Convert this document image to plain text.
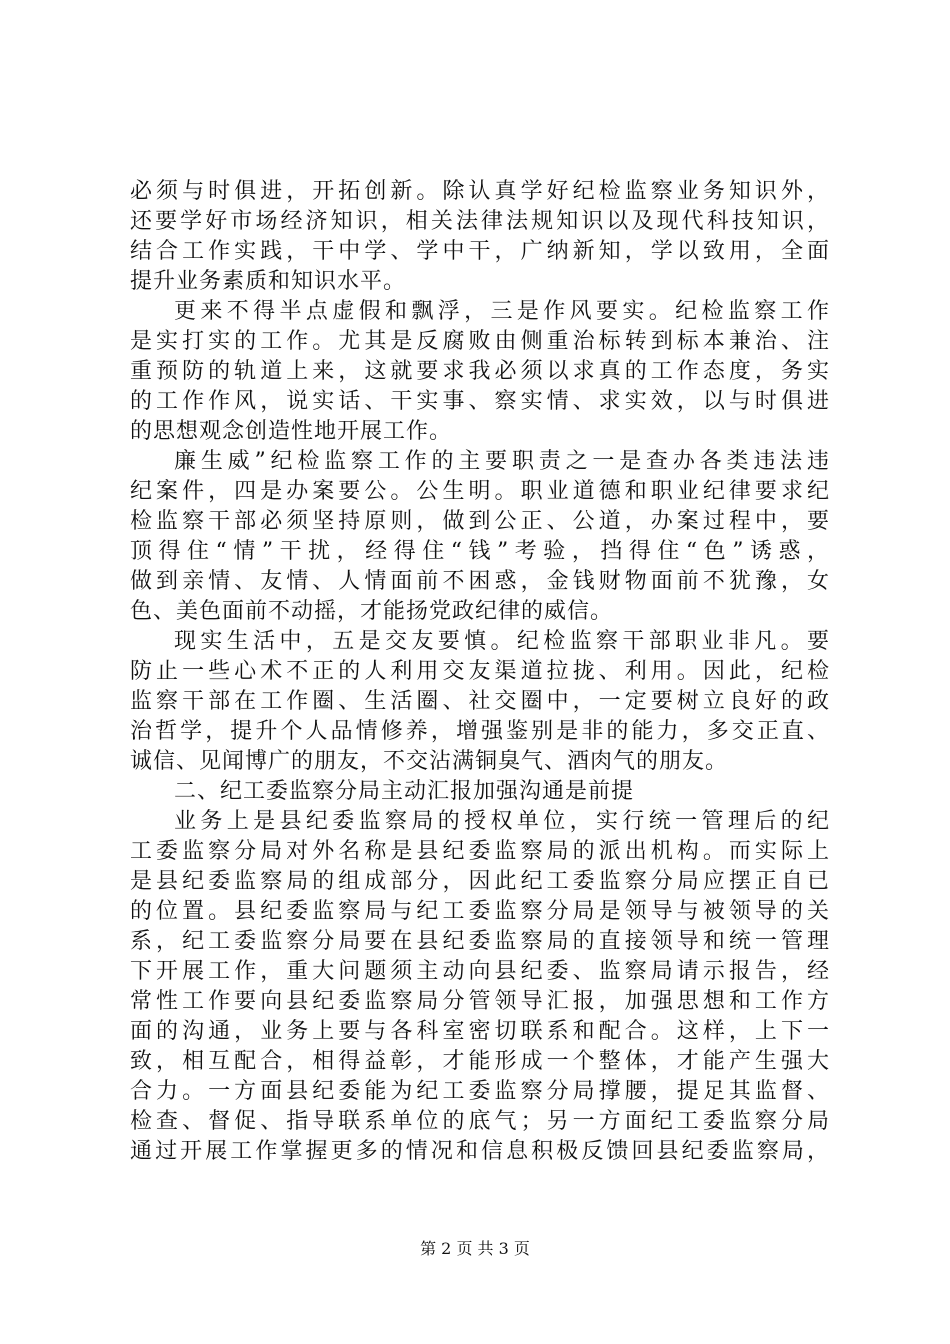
必须与时俱进，开拓创新。除认真学好纪检监察业务知识外，
还要学好市场经济知识，相关法律法规知识以及现代科技知识，
结合工作实践，干中学、学中干，广纳新知，学以致用，全面
提升业务素质和知识水平。
更来不得半点虚假和飘浮，三是作风要实。纪检监察工作
是实打实的工作。尤其是反腐败由侧重治标转到标本兼治、注
重预防的轨道上来，这就要求我必须以求真的工作态度，务实
的工作作风，说实话、干实事、察实情、求实效，以与时俱进
的思想观念创造性地开展工作。
廉生威”纪检监察工作的主要职责之一是查办各类违法违
纪案件，四是办案要公。公生明。职业道德和职业纪律要求纪
检监察干部必须坚持原则，做到公正、公道，办案过程中，要
顶得住“情”干扰，经得住“钱”考验，挡得住“色”诱惑，
做到亲情、友情、人情面前不困惑，金钱财物面前不犹豫，女
色、美色面前不动摇，才能扬党政纪律的威信。
现实生活中，五是交友要慎。纪检监察干部职业非凡。要
防止一些心术不正的人利用交友渠道拉拢、利用。因此，纪检
监察干部在工作圈、生活圈、社交圈中，一定要树立良好的政
治哲学，提升个人品情修养，增强鉴别是非的能力，多交正直、
诚信、见闻博广的朋友，不交沾满铜臭气、酒肉气的朋友。
二、纪工委监察分局主动汇报加强沟通是前提
业务上是县纪委监察局的授权单位，实行统一管理后的纪
工委监察分局对外名称是县纪委监察局的派出机构。而实际上
是县纪委监察局的组成部分，因此纪工委监察分局应摆正自已
的位置。县纪委监察局与纪工委监察分局是领导与被领导的关
系，纪工委监察分局要在县纪委监察局的直接领导和统一管理
下开展工作，重大问题须主动向县纪委、监察局请示报告，经
常性工作要向县纪委监察局分管领导汇报，加强思想和工作方
面的沟通，业务上要与各科室密切联系和配合。这样，上下一
致，相互配合，相得益彰，才能形成一个整体，才能产生强大
合力。一方面县纪委能为纪工委监察分局撑腰，提足其监督、
检查、督促、指导联系单位的底气；另一方面纪工委监察分局
通过开展工作掌握更多的情况和信息积极反馈回县纪委监察局，
第 2 页 共 3 页
